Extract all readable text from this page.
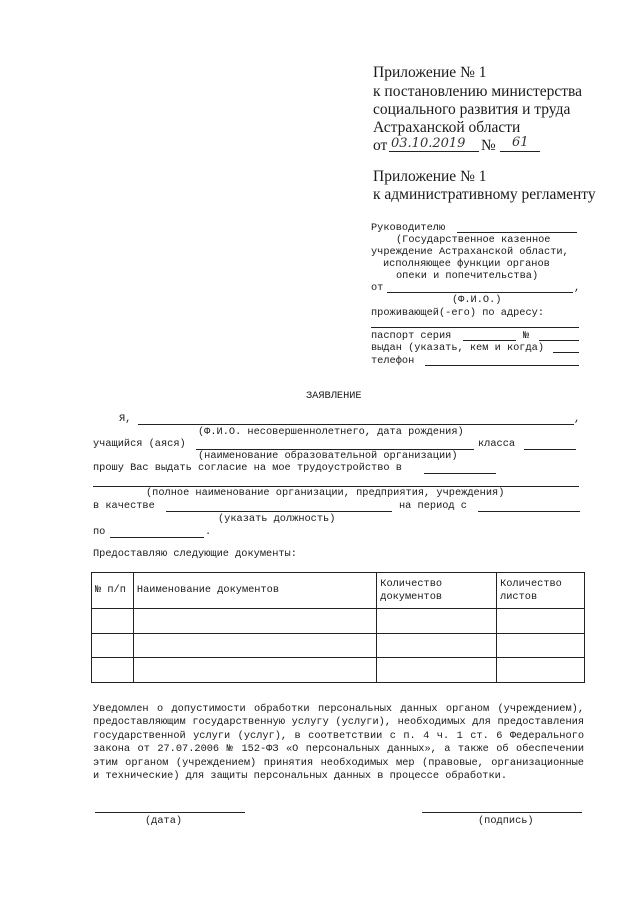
Приложение № 1
к постановлению министерства
социального развития и труда
Астраханской области
от 03.10.2019 № 61
Приложение № 1
к административному регламенту
Руководителю
(Государственное казенное
учреждение Астраханской области,
исполняющее функции органов
опеки и попечительства)
от	,
(Ф.И.О.)
проживающей(-его) по адресу:
паспорт серия	№
выдан (указать, кем и когда)
телефон
ЗАЯВЛЕНИЕ
Я,	,
(Ф.И.О. несовершеннолетнего, дата рождения)
учащийся (аяся)	класса
(наименование образовательной организации)
прошу Вас выдать согласие на мое трудоустройство в
(полное наименование организации, предприятия, учреждения)
в качестве	на период с
(указать должность)
по	.
Предоставляю следующие документы:
№ п/п	Наименование документов	Количество документов	Количество листов

Уведомлен о допустимости обработки персональных данных органом (учреждением), предоставляющим государственную услугу (услуги), необходимых для предоставления государственной услуги (услуг), в соответствии с п. 4 ч. 1 ст. 6 Федерального закона от 27.07.2006 № 152-ФЗ «О персональных данных», а также об обеспечении этим органом (учреждением) принятия необходимых мер (правовые, организационные и технические) для защиты персональных данных в процессе обработки.
(дата)	(подпись)
